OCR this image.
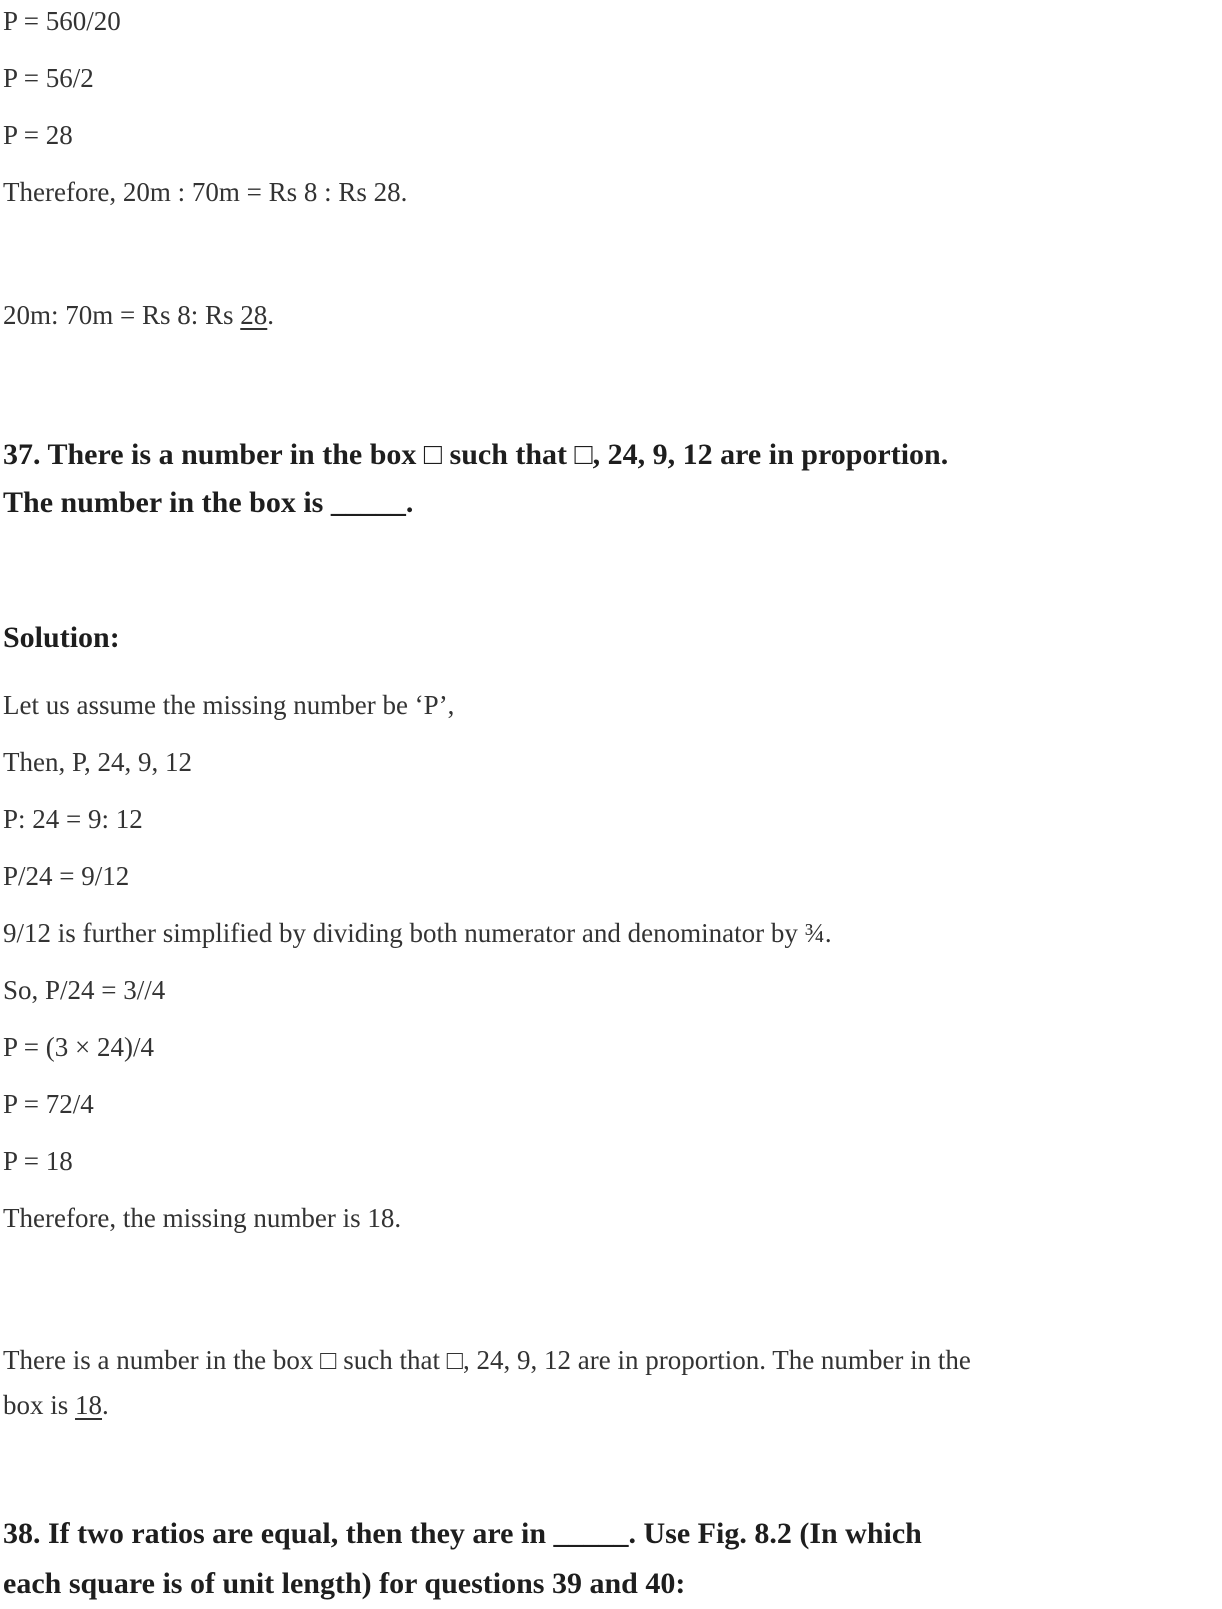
P = 560/20

P = 56/2

P = 28

Therefore, 20m : 70m = Rs 8 : Rs 28.

20m: 70m = Rs 8: Rs 28.

37. There is a number in the box □ such that □, 24, 9, 12 are in proportion.
The number in the box is _____.
Solution:

Let us assume the missing number be ‘P’,

Then, P, 24, 9, 12

P: 24 = 9: 12

P/24 = 9/12

9/12 is further simplified by dividing both numerator and denominator by ¾.

So, P/24 = 3//4

P = (3 × 24)/4

P = 72/4

P = 18

Therefore, the missing number is 18.

There is a number in the box □ such that □, 24, 9, 12 are in proportion. The number in the
box is 18.

38. If two ratios are equal, then they are in _____. Use Fig. 8.2 (In which
each square is of unit length) for questions 39 and 40:
